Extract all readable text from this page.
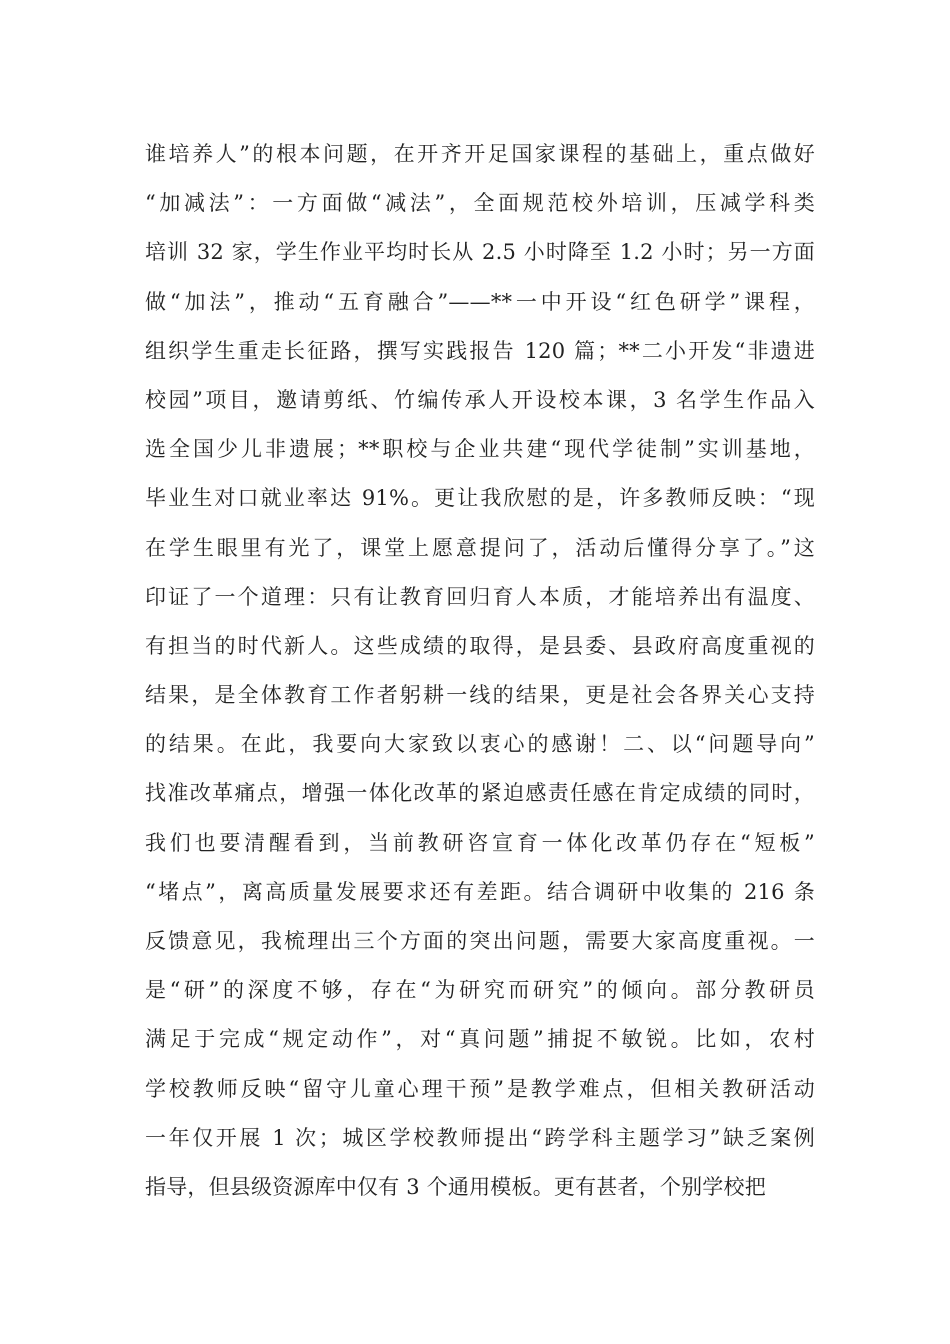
谁培养人”的根本问题，在开齐开足国家课程的基础上，重点做好
“加减法”：一方面做“减法”，全面规范校外培训，压减学科类
培训 32 家，学生作业平均时长从 2.5 小时降至 1.2 小时；另一方面
做“加法”，推动“五育融合”——**一中开设“红色研学”课程，
组织学生重走长征路，撰写实践报告 120 篇；**二小开发“非遗进
校园”项目，邀请剪纸、竹编传承人开设校本课，3 名学生作品入
选全国少儿非遗展；**职校与企业共建“现代学徒制”实训基地，
毕业生对口就业率达 91%。更让我欣慰的是，许多教师反映：“现
在学生眼里有光了，课堂上愿意提问了，活动后懂得分享了。”这
印证了一个道理：只有让教育回归育人本质，才能培养出有温度、
有担当的时代新人。这些成绩的取得，是县委、县政府高度重视的
结果，是全体教育工作者躬耕一线的结果，更是社会各界关心支持
的结果。在此，我要向大家致以衷心的感谢！二、以“问题导向”
找准改革痛点，增强一体化改革的紧迫感责任感在肯定成绩的同时，
我们也要清醒看到，当前教研咨宣育一体化改革仍存在“短板”
“堵点”，离高质量发展要求还有差距。结合调研中收集的 216 条
反馈意见，我梳理出三个方面的突出问题，需要大家高度重视。一
是“研”的深度不够，存在“为研究而研究”的倾向。部分教研员
满足于完成“规定动作”，对“真问题”捕捉不敏锐。比如，农村
学校教师反映“留守儿童心理干预”是教学难点，但相关教研活动
一年仅开展 1 次；城区学校教师提出“跨学科主题学习”缺乏案例
指导，但县级资源库中仅有 3 个通用模板。更有甚者，个别学校把
